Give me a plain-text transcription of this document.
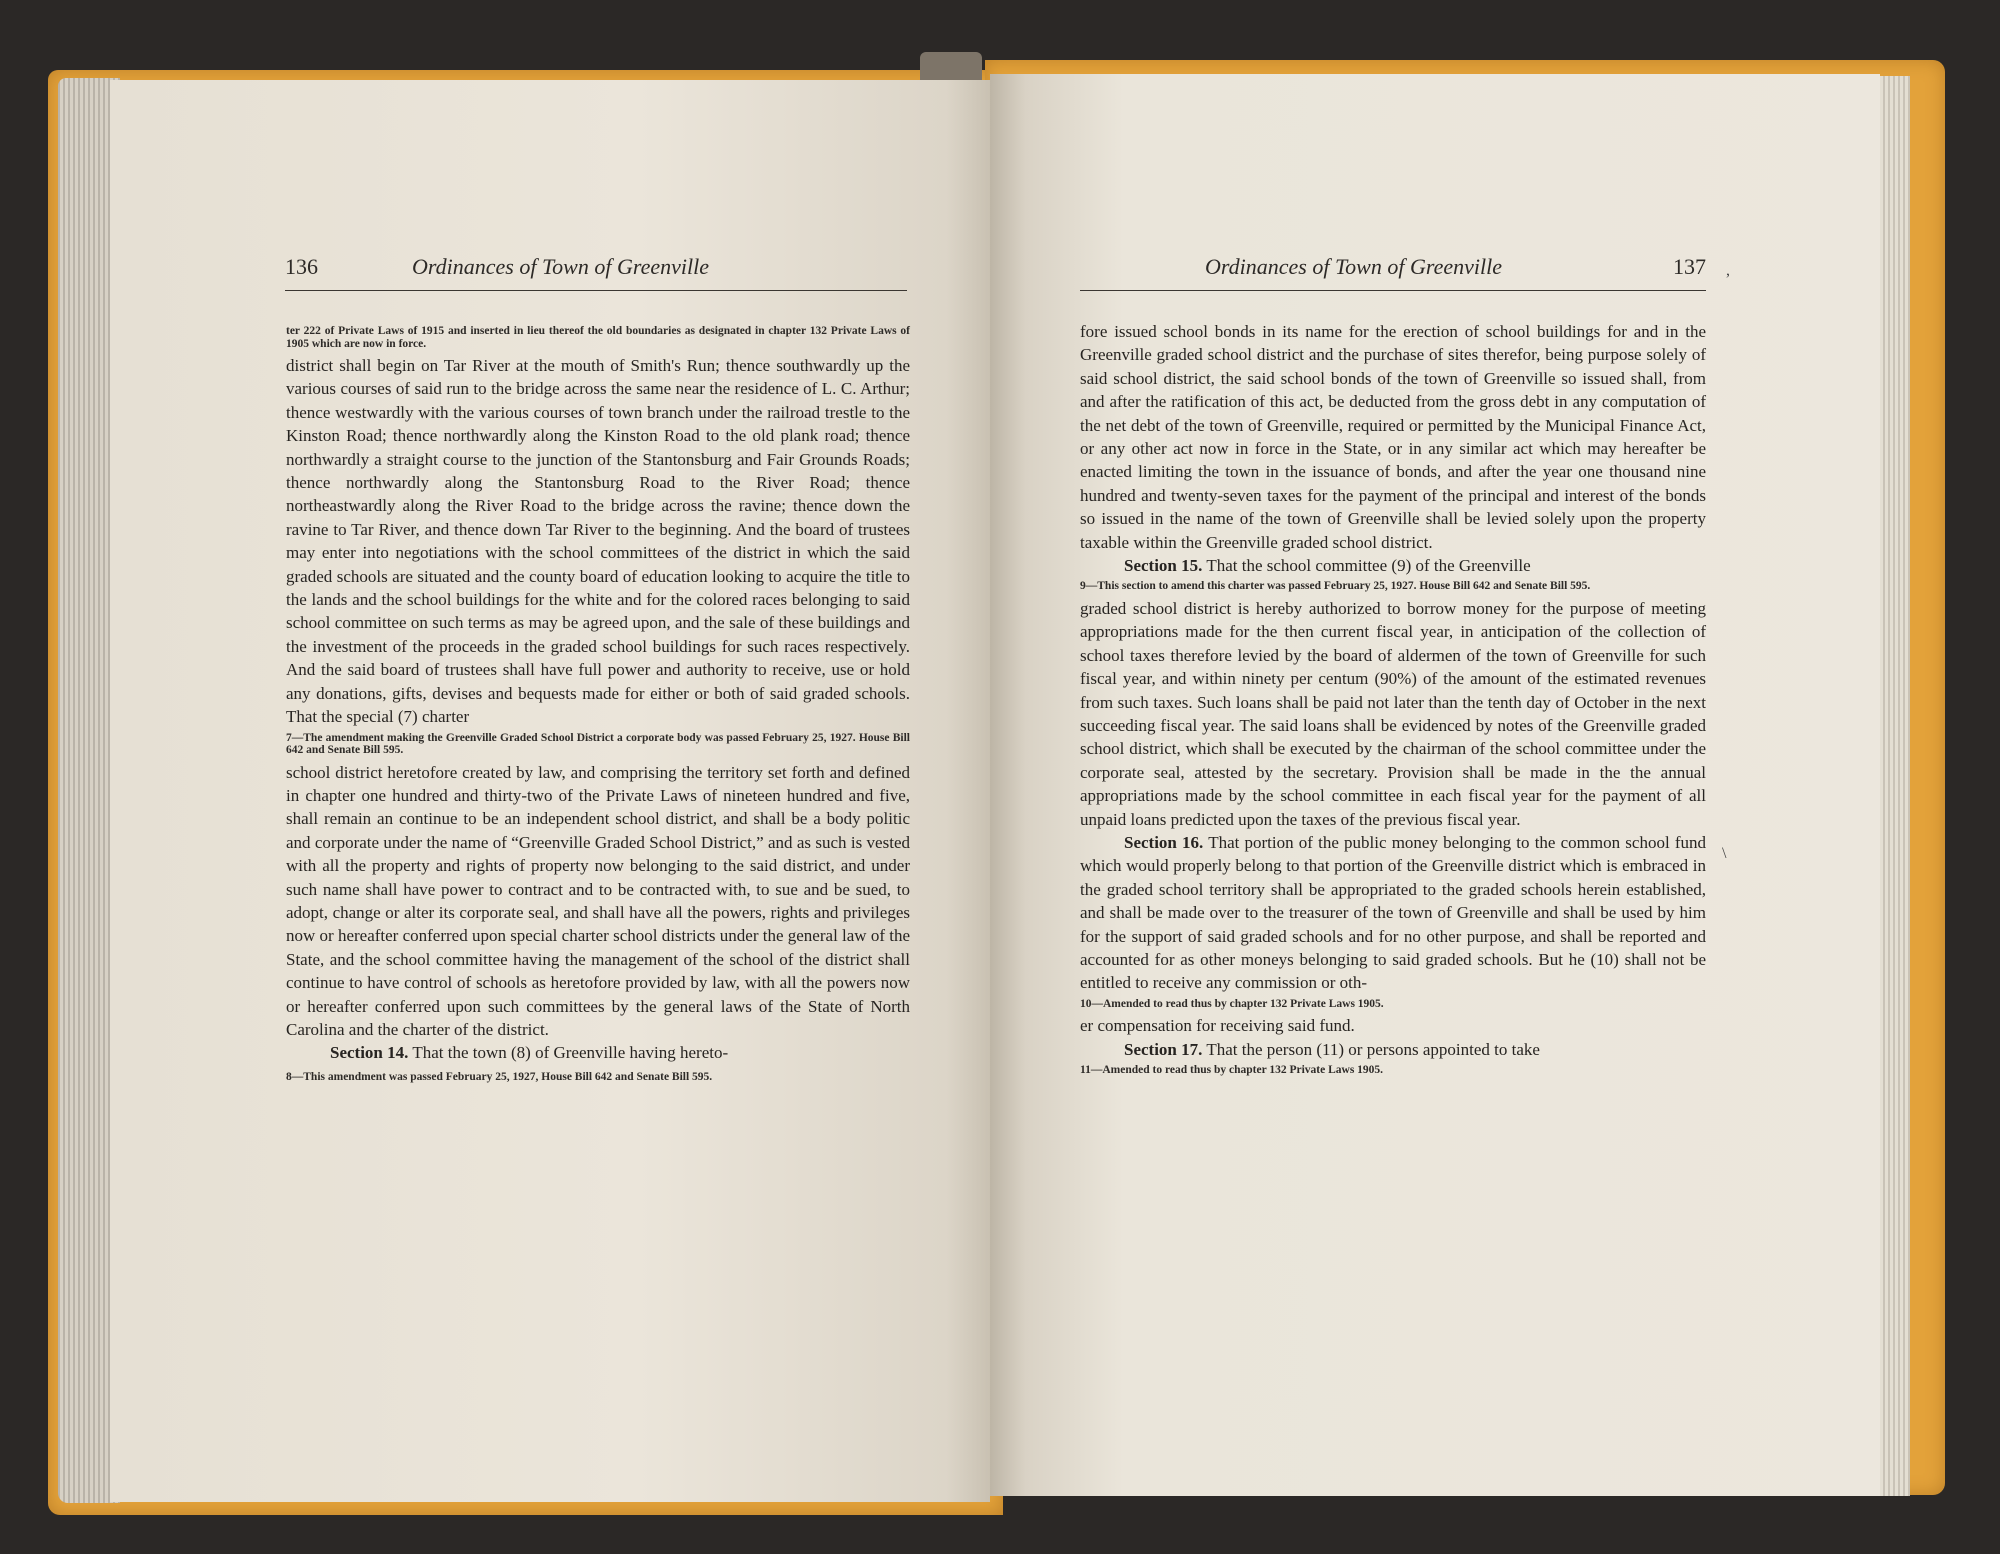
136	Ordinances of Town of Greenville

ter 222 of Private Laws of 1915 and inserted in lieu thereof the old boundaries as designated in chapter 132 Private Laws of 1905 which are now in force.

district shall begin on Tar River at the mouth of Smith's Run; thence southwardly up the various courses of said run to the bridge across the same near the residence of L. C. Arthur; thence westwardly with the various courses of town branch under the railroad trestle to the Kinston Road; thence northwardly along the Kinston Road to the old plank road; thence northwardly a straight course to the junction of the Stantonsburg and Fair Grounds Roads; thence northwardly along the Stantonsburg Road to the River Road; thence northeastwardly along the River Road to the bridge across the ravine; thence down the ravine to Tar River, and thence down Tar River to the beginning. And the board of trustees may enter into negotiations with the school committees of the district in which the said graded schools are situated and the county board of education looking to acquire the title to the lands and the school buildings for the white and for the colored races belonging to said school committee on such terms as may be agreed upon, and the sale of these buildings and the investment of the proceeds in the graded school buildings for such races respectively. And the said board of trustees shall have full power and authority to receive, use or hold any donations, gifts, devises and bequests made for either or both of said graded schools. That the special (7) charter

7—The amendment making the Greenville Graded School District a corporate body was passed February 25, 1927. House Bill 642 and Senate Bill 595.

school district heretofore created by law, and comprising the territory set forth and defined in chapter one hundred and thirty-two of the Private Laws of nineteen hundred and five, shall remain an continue to be an independent school district, and shall be a body politic and corporate under the name of “Greenville Graded School District,” and as such is vested with all the property and rights of property now belonging to the said district, and under such name shall have power to contract and to be contracted with, to sue and be sued, to adopt, change or alter its corporate seal, and shall have all the powers, rights and privileges now or hereafter conferred upon special charter school districts under the general law of the State, and the school committee having the management of the school of the district shall continue to have control of schools as heretofore provided by law, with all the powers now or hereafter conferred upon such committees by the general laws of the State of North Carolina and the charter of the district.

Section 14. That the town (8) of Greenville having hereto-

8—This amendment was passed February 25, 1927, House Bill 642 and Senate Bill 595.

Ordinances of Town of Greenville	137

fore issued school bonds in its name for the erection of school buildings for and in the Greenville graded school district and the purchase of sites therefor, being purpose solely of said school district, the said school bonds of the town of Greenville so issued shall, from and after the ratification of this act, be deducted from the gross debt in any computation of the net debt of the town of Greenville, required or permitted by the Municipal Finance Act, or any other act now in force in the State, or in any similar act which may hereafter be enacted limiting the town in the issuance of bonds, and after the year one thousand nine hundred and twenty-seven taxes for the payment of the principal and interest of the bonds so issued in the name of the town of Greenville shall be levied solely upon the property taxable within the Greenville graded school district.

Section 15. That the school committee (9) of the Greenville

9—This section to amend this charter was passed February 25, 1927. House Bill 642 and Senate Bill 595.

graded school district is hereby authorized to borrow money for the purpose of meeting appropriations made for the then current fiscal year, in anticipation of the collection of school taxes therefore levied by the board of aldermen of the town of Greenville for such fiscal year, and within ninety per centum (90%) of the amount of the estimated revenues from such taxes. Such loans shall be paid not later than the tenth day of October in the next succeeding fiscal year. The said loans shall be evidenced by notes of the Greenville graded school district, which shall be executed by the chairman of the school committee under the corporate seal, attested by the secretary. Provision shall be made in the the annual appropriations made by the school committee in each fiscal year for the payment of all unpaid loans predicted upon the taxes of the previous fiscal year.

Section 16. That portion of the public money belonging to the common school fund which would properly belong to that portion of the Greenville district which is embraced in the graded school territory shall be appropriated to the graded schools herein established, and shall be made over to the treasurer of the town of Greenville and shall be used by him for the support of said graded schools and for no other purpose, and shall be reported and accounted for as other moneys belonging to said graded schools. But he (10) shall not be entitled to receive any commission or oth-

10—Amended to read thus by chapter 132 Private Laws 1905.

er compensation for receiving said fund.

Section 17. That the person (11) or persons appointed to take

11—Amended to read thus by chapter 132 Private Laws 1905.

,
\
